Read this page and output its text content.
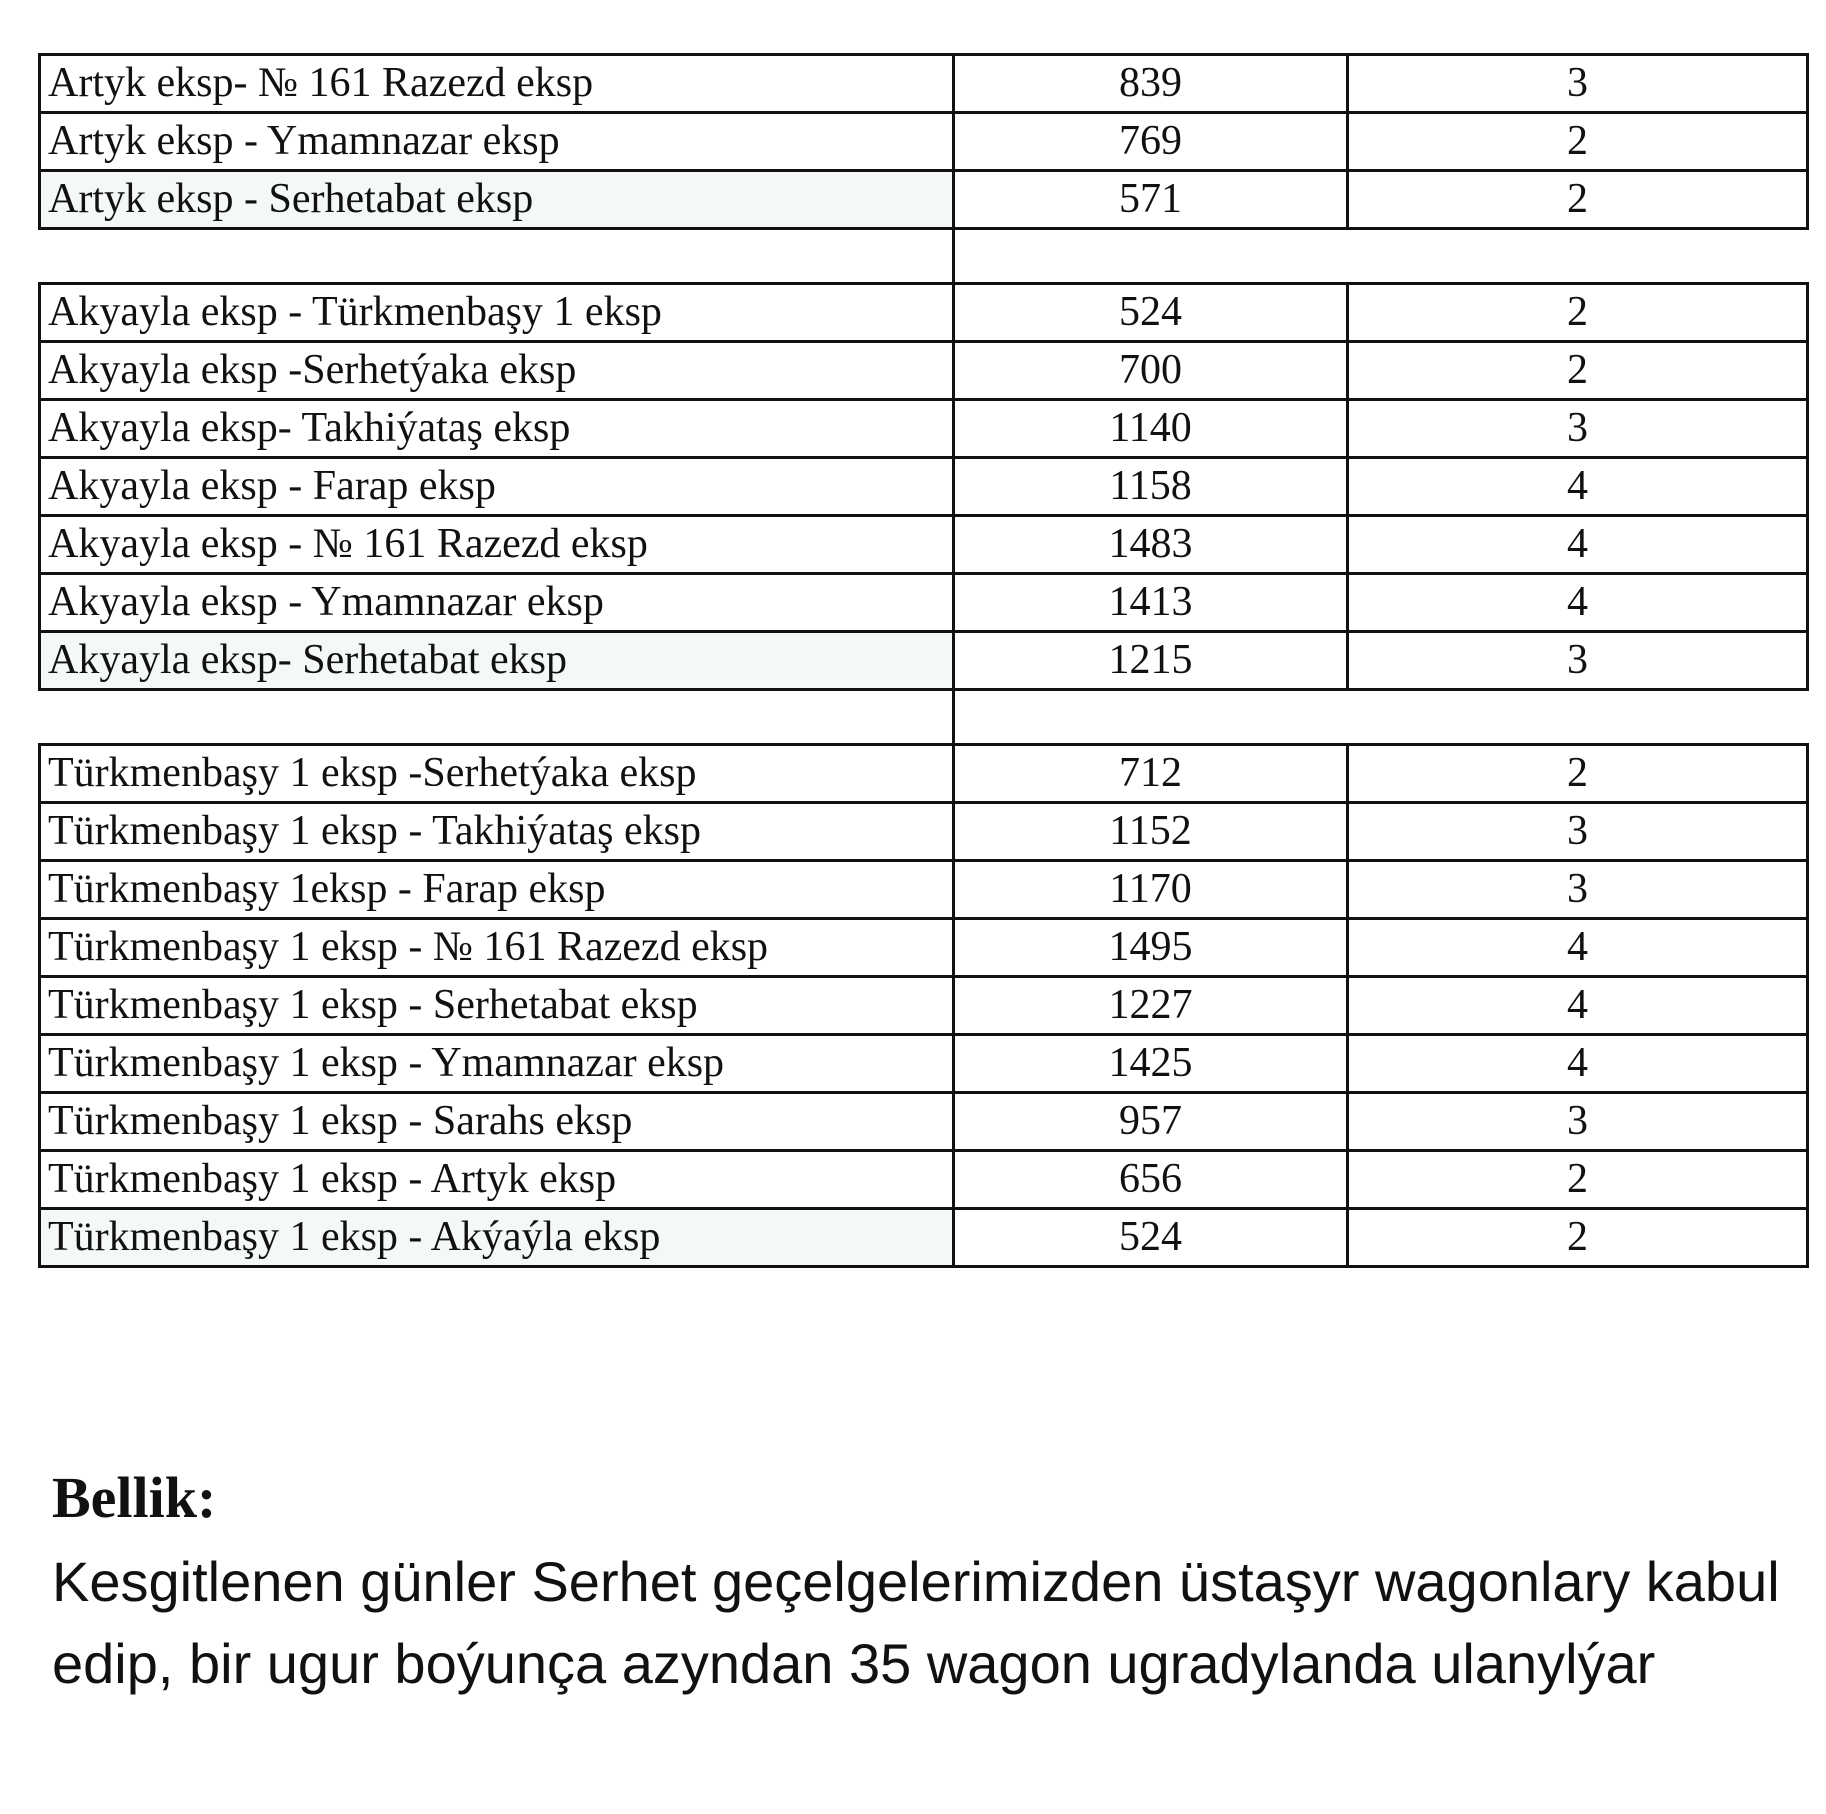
Artyk eksp- № 161 Razezd eksp	839	3
Artyk eksp - Ymamnazar eksp	769	2
Artyk eksp - Serhetabat eksp	571	2

Akyayla eksp - Türkmenbaşy 1 eksp	524	2
Akyayla eksp -Serhetýaka eksp	700	2
Akyayla eksp- Takhiýataş eksp	1140	3
Akyayla eksp - Farap eksp	1158	4
Akyayla eksp - № 161 Razezd eksp	1483	4
Akyayla eksp - Ymamnazar eksp	1413	4
Akyayla eksp- Serhetabat eksp	1215	3

Türkmenbaşy 1 eksp -Serhetýaka eksp	712	2
Türkmenbaşy 1 eksp - Takhiýataş eksp	1152	3
Türkmenbaşy 1eksp - Farap eksp	1170	3
Türkmenbaşy 1 eksp - № 161 Razezd eksp	1495	4
Türkmenbaşy 1 eksp - Serhetabat eksp	1227	4
Türkmenbaşy 1 eksp - Ymamnazar eksp	1425	4
Türkmenbaşy 1 eksp - Sarahs eksp	957	3
Türkmenbaşy 1 eksp - Artyk eksp	656	2
Türkmenbaşy 1 eksp - Akýaýla eksp	524	2
Bellik:

Kesgitlenen günler Serhet geçelgelerimizden üstaşyr wagonlary kabul edip, bir ugur boýunça azyndan 35 wagon ugradylanda ulanylýar
